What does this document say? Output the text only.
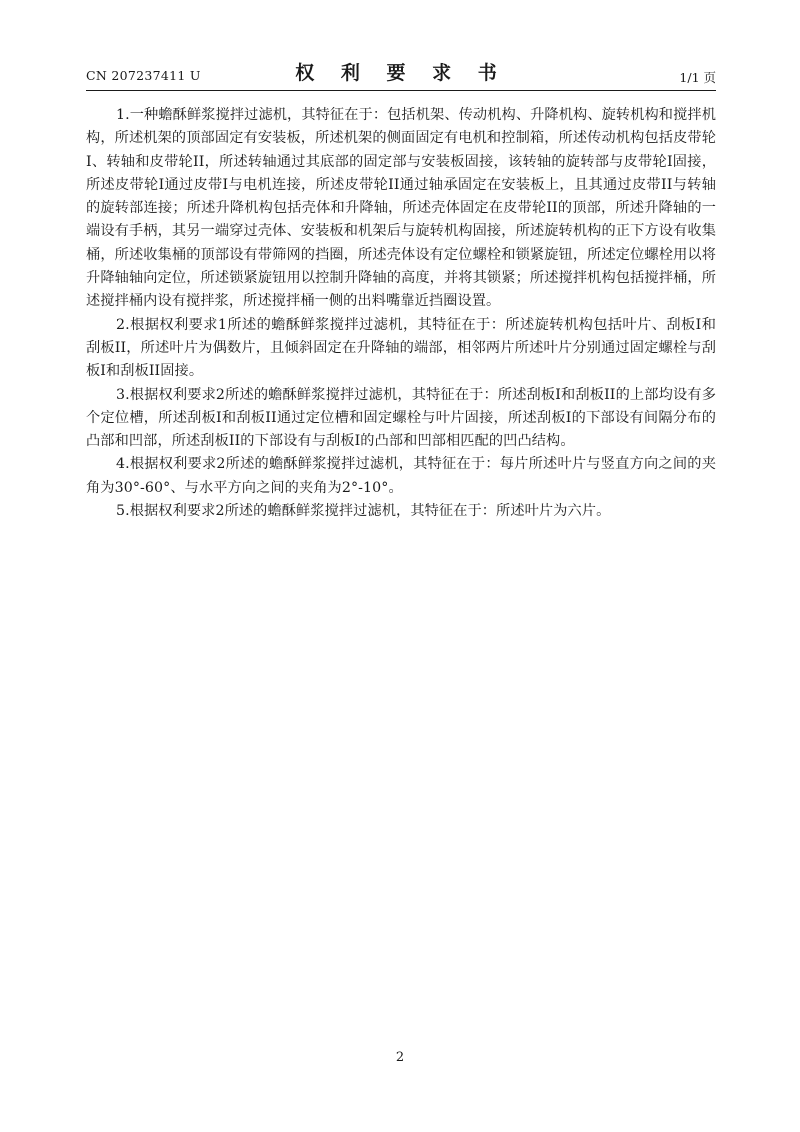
CN 207237411 U	权 利 要 求 书	1/1 页

1.一种蟾酥鲜浆搅拌过滤机，其特征在于：包括机架、传动机构、升降机构、旋转机构和搅拌机构，所述机架的顶部固定有安装板，所述机架的侧面固定有电机和控制箱，所述传动机构包括皮带轮I、转轴和皮带轮II，所述转轴通过其底部的固定部与安装板固接，该转轴的旋转部与皮带轮I固接，所述皮带轮I通过皮带I与电机连接，所述皮带轮II通过轴承固定在安装板上，且其通过皮带II与转轴的旋转部连接；所述升降机构包括壳体和升降轴，所述壳体固定在皮带轮II的顶部，所述升降轴的一端设有手柄，其另一端穿过壳体、安装板和机架后与旋转机构固接，所述旋转机构的正下方设有收集桶，所述收集桶的顶部设有带筛网的挡圈，所述壳体设有定位螺栓和锁紧旋钮，所述定位螺栓用以将升降轴轴向定位，所述锁紧旋钮用以控制升降轴的高度，并将其锁紧；所述搅拌机构包括搅拌桶，所述搅拌桶内设有搅拌浆，所述搅拌桶一侧的出料嘴靠近挡圈设置。

2.根据权利要求1所述的蟾酥鲜浆搅拌过滤机，其特征在于：所述旋转机构包括叶片、刮板I和刮板II，所述叶片为偶数片，且倾斜固定在升降轴的端部，相邻两片所述叶片分别通过固定螺栓与刮板I和刮板II固接。

3.根据权利要求2所述的蟾酥鲜浆搅拌过滤机，其特征在于：所述刮板I和刮板II的上部均设有多个定位槽，所述刮板I和刮板II通过定位槽和固定螺栓与叶片固接，所述刮板I的下部设有间隔分布的凸部和凹部，所述刮板II的下部设有与刮板I的凸部和凹部相匹配的凹凸结构。

4.根据权利要求2所述的蟾酥鲜浆搅拌过滤机，其特征在于：每片所述叶片与竖直方向之间的夹角为30°-60°、与水平方向之间的夹角为2°-10°。

5.根据权利要求2所述的蟾酥鲜浆搅拌过滤机，其特征在于：所述叶片为六片。

2
